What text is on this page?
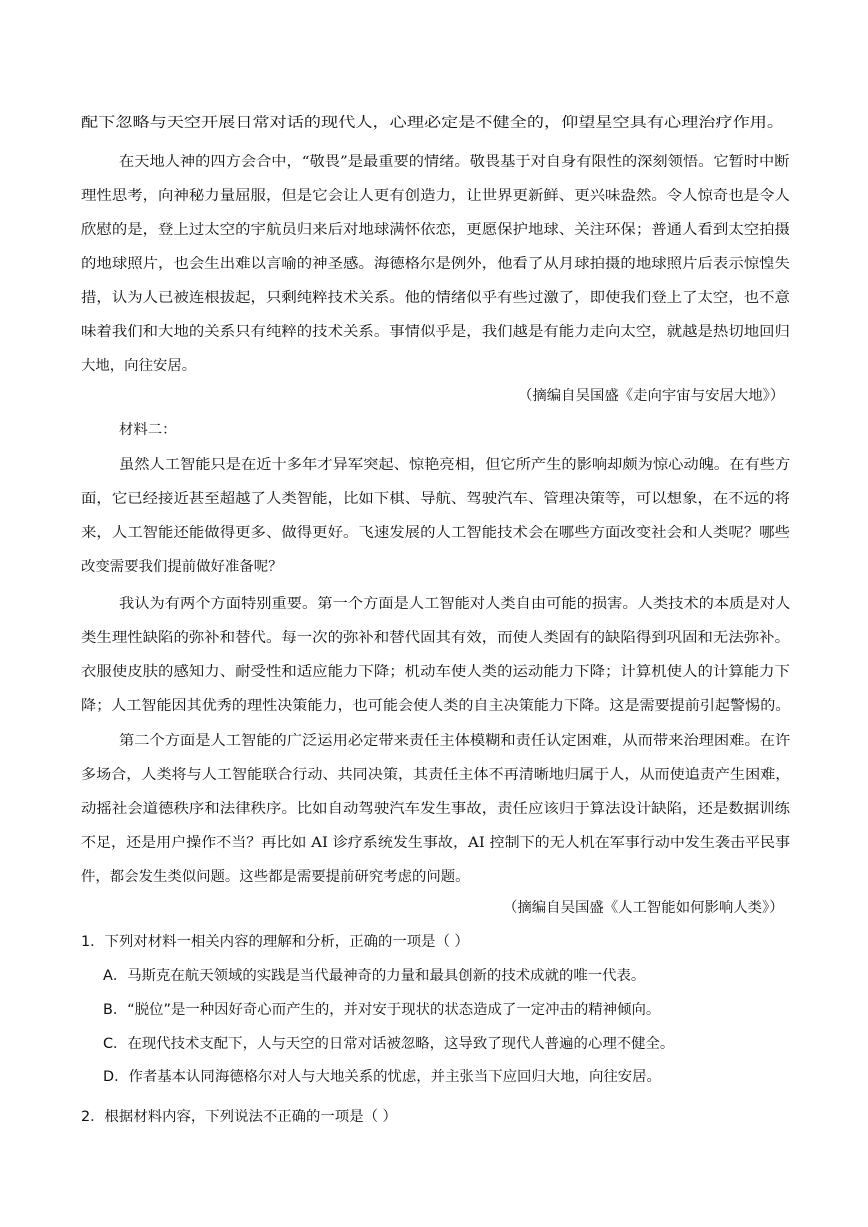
配下忽略与天空开展日常对话的现代人，心理必定是不健全的，仰望星空具有心理治疗作用。
在天地人神的四方会合中，“敬畏”是最重要的情绪。敬畏基于对自身有限性的深刻领悟。它暂时中断
理性思考，向神秘力量屈服，但是它会让人更有创造力，让世界更新鲜、更兴味盎然。令人惊奇也是令人
欣慰的是，登上过太空的宇航员归来后对地球满怀依恋，更愿保护地球、关注环保；普通人看到太空拍摄
的地球照片，也会生出难以言喻的神圣感。海德格尔是例外，他看了从月球拍摄的地球照片后表示惊惶失
措，认为人已被连根拔起，只剩纯粹技术关系。他的情绪似乎有些过激了，即使我们登上了太空，也不意
味着我们和大地的关系只有纯粹的技术关系。事情似乎是，我们越是有能力走向太空，就越是热切地回归
大地，向往安居。
（摘编自吴国盛《走向宇宙与安居大地》）
材料二：
虽然人工智能只是在近十多年才异军突起、惊艳亮相，但它所产生的影响却颇为惊心动魄。在有些方
面，它已经接近甚至超越了人类智能，比如下棋、导航、驾驶汽车、管理决策等，可以想象，在不远的将
来，人工智能还能做得更多、做得更好。飞速发展的人工智能技术会在哪些方面改变社会和人类呢？哪些
改变需要我们提前做好准备呢？
我认为有两个方面特别重要。第一个方面是人工智能对人类自由可能的损害。人类技术的本质是对人
类生理性缺陷的弥补和替代。每一次的弥补和替代固其有效，而使人类固有的缺陷得到巩固和无法弥补。
衣服使皮肤的感知力、耐受性和适应能力下降；机动车使人类的运动能力下降；计算机使人的计算能力下
降；人工智能因其优秀的理性决策能力，也可能会使人类的自主决策能力下降。这是需要提前引起警惕的。
第二个方面是人工智能的广泛运用必定带来责任主体模糊和责任认定困难，从而带来治理困难。在许
多场合，人类将与人工智能联合行动、共同决策，其责任主体不再清晰地归属于人，从而使追责产生困难，
动摇社会道德秩序和法律秩序。比如自动驾驶汽车发生事故，责任应该归于算法设计缺陷，还是数据训练
不足，还是用户操作不当？再比如 AI 诊疗系统发生事故，AI 控制下的无人机在军事行动中发生袭击平民事
件，都会发生类似问题。这些都是需要提前研究考虑的问题。
（摘编自吴国盛《人工智能如何影响人类》）
1．下列对材料一相关内容的理解和分析，正确的一项是（ ）
A．马斯克在航天领域的实践是当代最神奇的力量和最具创新的技术成就的唯一代表。
B．“脱位”是一种因好奇心而产生的，并对安于现状的状态造成了一定冲击的精神倾向。
C．在现代技术支配下，人与天空的日常对话被忽略，这导致了现代人普遍的心理不健全。
D．作者基本认同海德格尔对人与大地关系的忧虑，并主张当下应回归大地，向往安居。
2．根据材料内容，下列说法不正确的一项是（ ）
